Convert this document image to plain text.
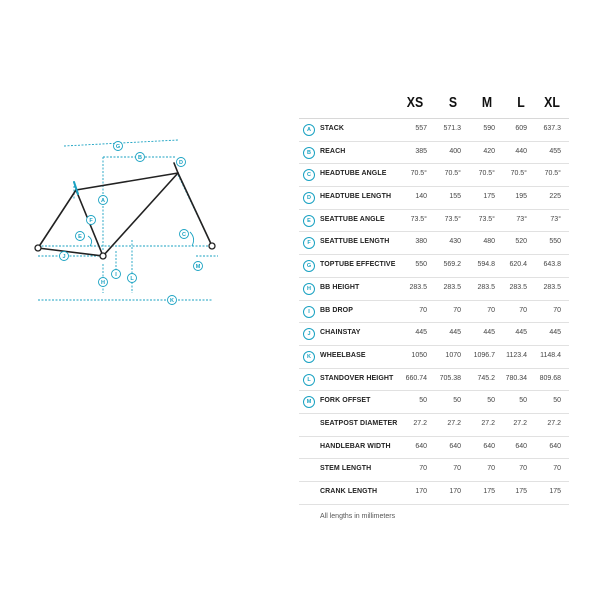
G
B
D
A
F
E	C
J
I
H
L
M
K
XS	S	M	L	XL
A	STACK	557	571.3	590	609	637.3
B	REACH	385	400	420	440	455
C	HEADTUBE ANGLE	70.5°	70.5°	70.5°	70.5°	70.5°
D	HEADTUBE LENGTH	140	155	175	195	225
E	SEATTUBE ANGLE	73.5°	73.5°	73.5°	73°	73°
F	SEATTUBE LENGTH	380	430	480	520	550
G	TOPTUBE EFFECTIVE	550	569.2	594.8	620.4	643.8
H	BB HEIGHT	283.5	283.5	283.5	283.5	283.5
I	BB DROP	70	70	70	70	70
J	CHAINSTAY	445	445	445	445	445
K	WHEELBASE	1050	1070	1096.7	1123.4	1148.4
L	STANDOVER HEIGHT	660.74	705.38	745.2	780.34	809.68
M	FORK OFFSET	50	50	50	50	50
SEATPOST DIAMETER	27.2	27.2	27.2	27.2	27.2
HANDLEBAR WIDTH	640	640	640	640	640
STEM LENGTH	70	70	70	70	70
CRANK LENGTH	170	170	175	175	175
All lengths in millimeters
